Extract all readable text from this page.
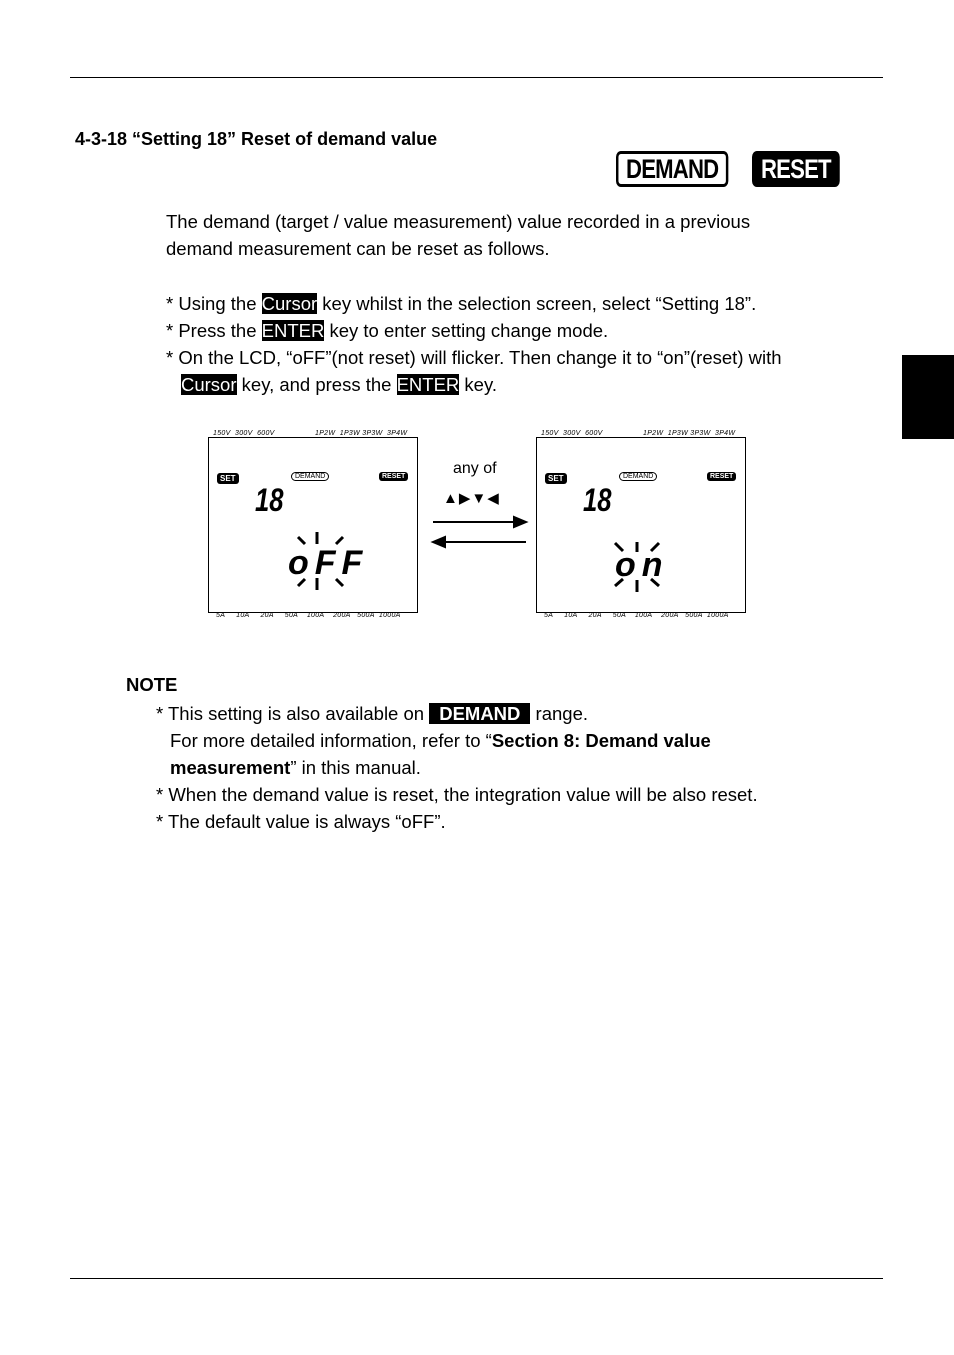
4-3-18 “Setting 18” Reset of demand value
DEMAND	RESET
The demand (target / value measurement) value recorded in a previous
demand measurement can be reset as follows.
* Using the Cursor key whilst in the selection screen, select “Setting 18”.
* Press the ENTER key to enter setting change mode.
* On the LCD, “oFF”(not reset) will flicker. Then change it to “on”(reset) with
Cursor key, and press the ENTER key.
150V  300V  600V	1P2W  1P3W 3P3W  3P4W
SET	DEMAND	RESET
18
oFF
5A     10A     20A     50A    100A    200A   500A  1000A
any of
▲▶▼◀
150V  300V  600V	1P2W  1P3W 3P3W  3P4W
SET	DEMAND	RESET
18
on
5A     10A     20A     50A    100A    200A   500A  1000A
NOTE
* This setting is also available on DEMAND range.
For more detailed information, refer to “Section 8: Demand value
measurement” in this manual.
* When the demand value is reset, the integration value will be also reset.
* The default value is always “oFF”.
